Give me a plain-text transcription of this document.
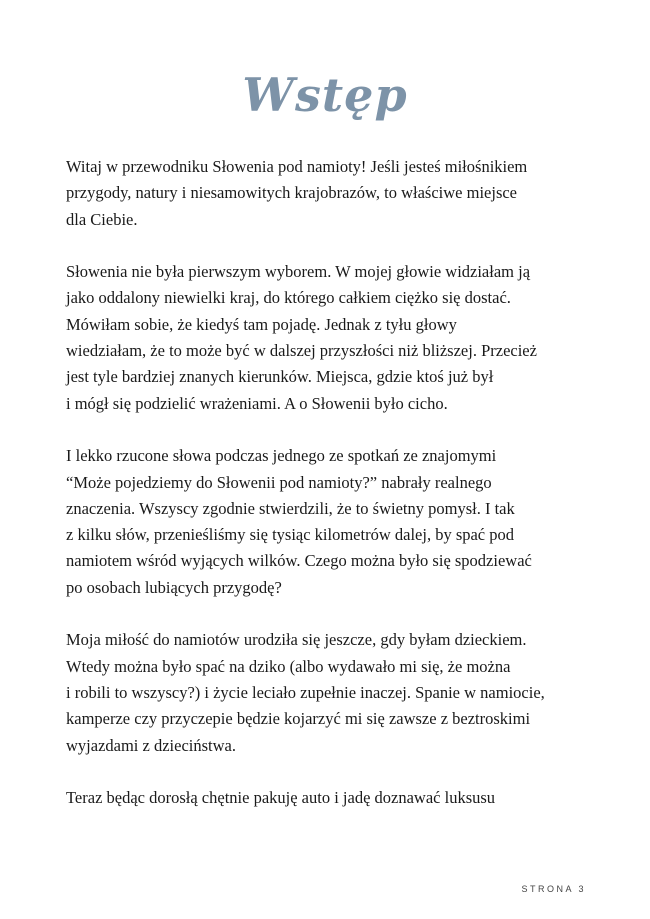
Wstęp

Witaj w przewodniku Słowenia pod namioty! Jeśli jesteś miłośnikiem
przygody, natury i niesamowitych krajobrazów, to właściwe miejsce
dla Ciebie.

Słowenia nie była pierwszym wyborem. W mojej głowie widziałam ją
jako oddalony niewielki kraj, do którego całkiem ciężko się dostać.
Mówiłam sobie, że kiedyś tam pojadę. Jednak z tyłu głowy
wiedziałam, że to może być w dalszej przyszłości niż bliższej. Przecież
jest tyle bardziej znanych kierunków. Miejsca, gdzie ktoś już był
i mógł się podzielić wrażeniami. A o Słowenii było cicho.

I lekko rzucone słowa podczas jednego ze spotkań ze znajomymi
“Może pojedziemy do Słowenii pod namioty?” nabrały realnego
znaczenia. Wszyscy zgodnie stwierdzili, że to świetny pomysł. I tak
z kilku słów, przenieśliśmy się tysiąc kilometrów dalej, by spać pod
namiotem wśród wyjących wilków. Czego można było się spodziewać
po osobach lubiących przygodę?

Moja miłość do namiotów urodziła się jeszcze, gdy byłam dzieckiem.
Wtedy można było spać na dziko (albo wydawało mi się, że można
i robili to wszyscy?) i życie leciało zupełnie inaczej. Spanie w namiocie,
kamperze czy przyczepie będzie kojarzyć mi się zawsze z beztroskimi
wyjazdami z dzieciństwa.

Teraz będąc dorosłą chętnie pakuję auto i jadę doznawać luksusu

STRONA 3
